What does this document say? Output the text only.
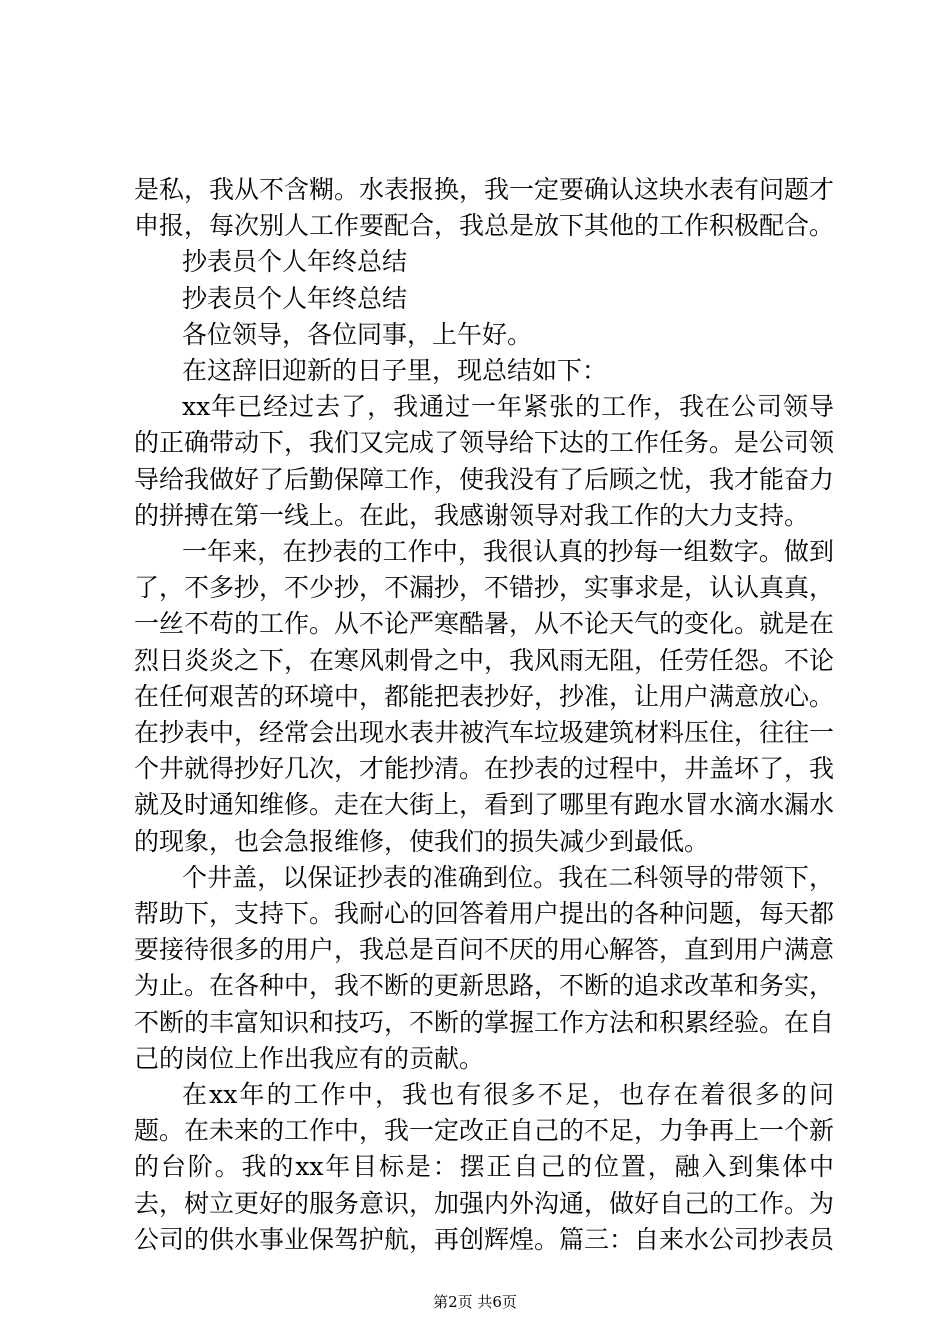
是私，我从不含糊。水表报换，我一定要确认这块水表有问题才申报，每次别人工作要配合，我总是放下其他的工作积极配合。

抄表员个人年终总结

抄表员个人年终总结

各位领导，各位同事，上午好。

在这辞旧迎新的日子里，现总结如下：

xx年已经过去了，我通过一年紧张的工作，我在公司领导的正确带动下，我们又完成了领导给下达的工作任务。是公司领导给我做好了后勤保障工作，使我没有了后顾之忧，我才能奋力的拼搏在第一线上。在此，我感谢领导对我工作的大力支持。

一年来，在抄表的工作中，我很认真的抄每一组数字。做到了，不多抄，不少抄，不漏抄，不错抄，实事求是，认认真真，一丝不苟的工作。从不论严寒酷暑，从不论天气的变化。就是在烈日炎炎之下，在寒风刺骨之中，我风雨无阻，任劳任怨。不论在任何艰苦的环境中，都能把表抄好，抄准，让用户满意放心。在抄表中，经常会出现水表井被汽车垃圾建筑材料压住，往往一个井就得抄好几次，才能抄清。在抄表的过程中，井盖坏了，我就及时通知维修。走在大街上，看到了哪里有跑水冒水滴水漏水的现象，也会急报维修，使我们的损失减少到最低。

个井盖，以保证抄表的准确到位。我在二科领导的带领下，帮助下，支持下。我耐心的回答着用户提出的各种问题，每天都要接待很多的用户，我总是百问不厌的用心解答，直到用户满意为止。在各种中，我不断的更新思路，不断的追求改革和务实，不断的丰富知识和技巧，不断的掌握工作方法和积累经验。在自己的岗位上作出我应有的贡献。

在xx年的工作中，我也有很多不足，也存在着很多的问题。在未来的工作中，我一定改正自己的不足，力争再上一个新的台阶。我的xx年目标是：摆正自己的位置，融入到集体中去，树立更好的服务意识，加强内外沟通，做好自己的工作。为公司的供水事业保驾护航，再创辉煌。篇三：自来水公司抄表员

第2页 共6页
